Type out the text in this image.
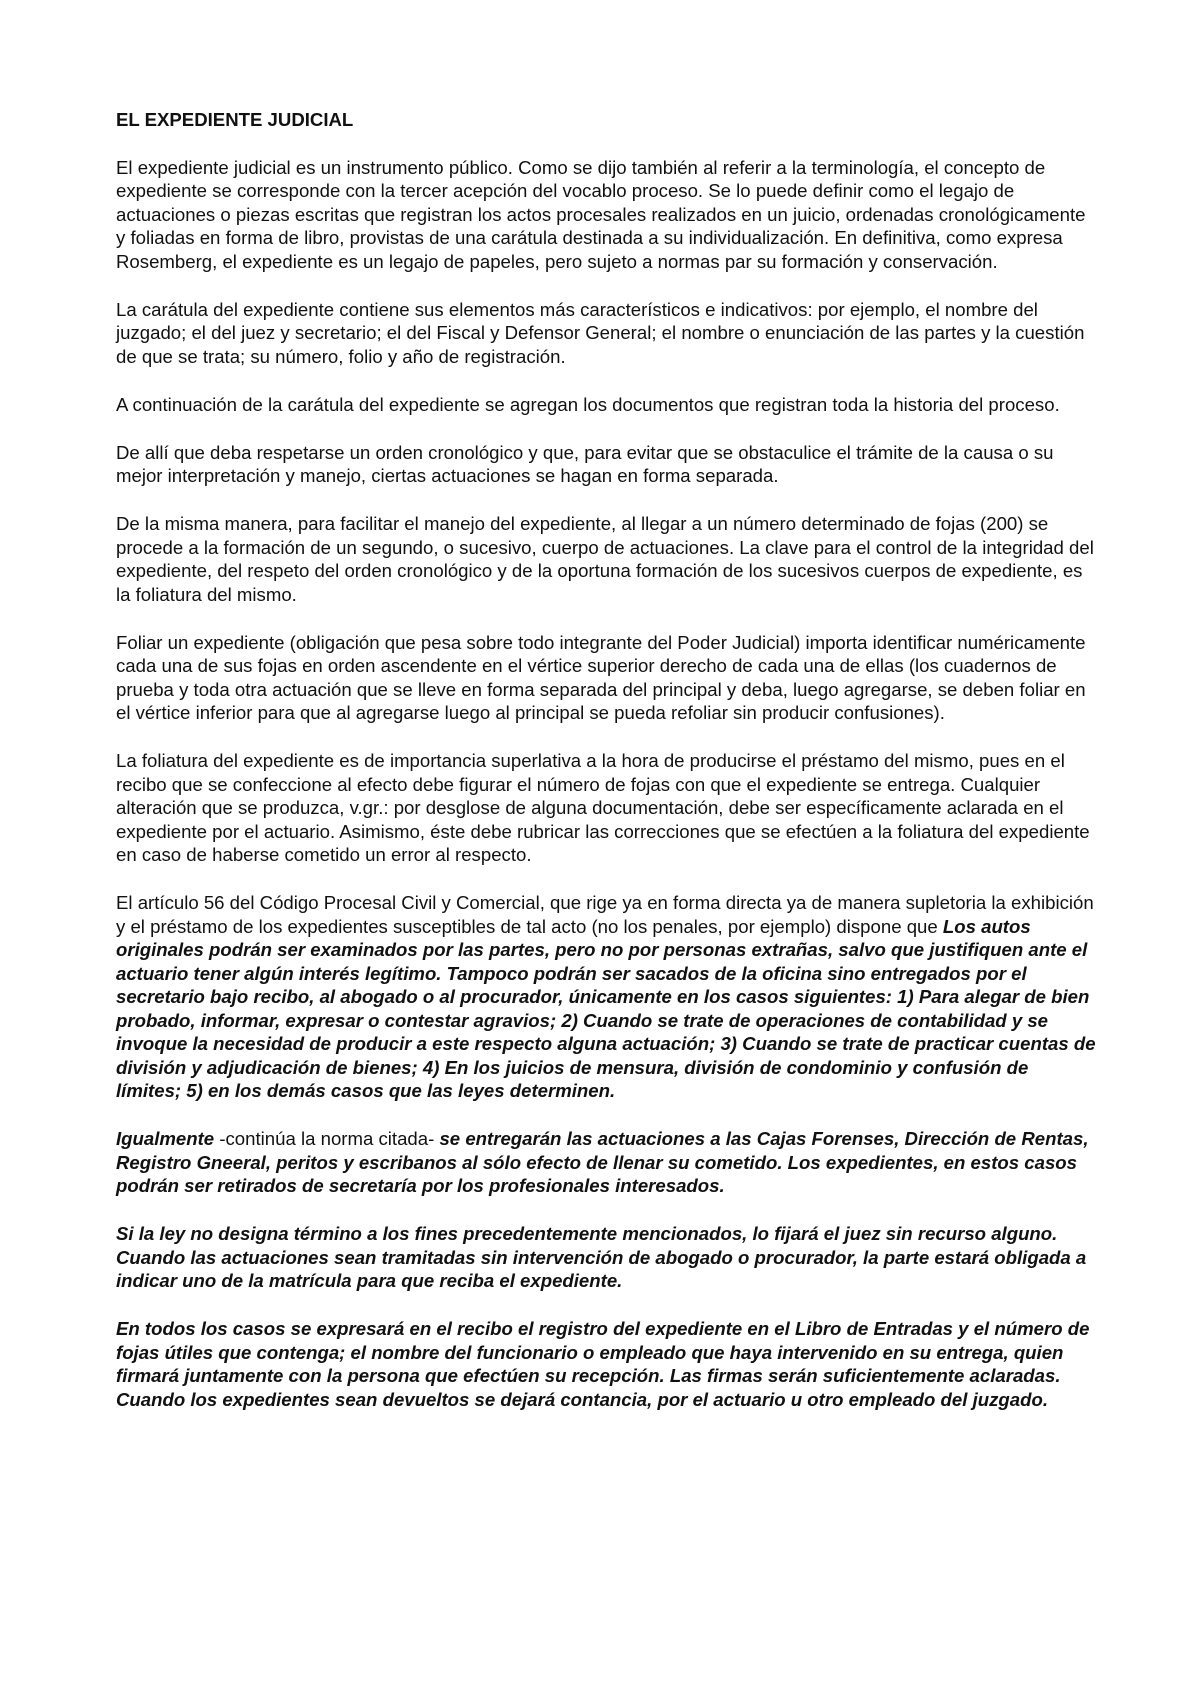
EL EXPEDIENTE JUDICIAL

El expediente judicial es un instrumento público. Como se dijo también al referir a la terminología, el concepto de expediente se corresponde con la tercer acepción del vocablo proceso. Se lo puede definir como el legajo de actuaciones o piezas escritas que registran los actos procesales realizados en un juicio, ordenadas cronológicamente y foliadas en forma de libro, provistas de una carátula destinada a su individualización. En definitiva, como expresa Rosemberg, el expediente es un legajo de papeles, pero sujeto a normas par su formación y conservación.

La carátula del expediente contiene sus elementos más característicos e indicativos: por ejemplo, el nombre del juzgado; el del juez y secretario; el del Fiscal y Defensor General; el nombre o enunciación de las partes y la cuestión de que se trata; su número, folio y año de registración.

A continuación de la carátula del expediente se agregan los documentos que registran toda la historia del proceso.

De allí que deba respetarse un orden cronológico y que, para evitar que se obstaculice el trámite de la causa o su mejor interpretación y manejo, ciertas actuaciones se hagan en forma separada.

De la misma manera, para facilitar el manejo del expediente, al llegar a un número determinado de fojas (200) se procede a la formación de un segundo, o sucesivo, cuerpo de actuaciones. La clave para el control de la integridad del expediente, del respeto del orden cronológico y de la oportuna formación de los sucesivos cuerpos de expediente, es la foliatura del mismo.

Foliar un expediente (obligación que pesa sobre todo integrante del Poder Judicial) importa identificar numéricamente cada una de sus fojas en orden ascendente en el vértice superior derecho de cada una de ellas (los cuadernos de prueba y toda otra actuación que se lleve en forma separada del principal y deba, luego agregarse, se deben foliar en el vértice inferior para que al agregarse luego al principal se pueda refoliar sin producir confusiones).

La foliatura del expediente es de importancia superlativa a la hora de producirse el préstamo del mismo, pues en el recibo que se confeccione al efecto debe figurar el número de fojas con que el expediente se entrega. Cualquier alteración que se produzca, v.gr.: por desglose de alguna documentación, debe ser específicamente aclarada en el expediente por el actuario. Asimismo, éste debe rubricar las correcciones que se efectúen a la foliatura del expediente en caso de haberse cometido un error al respecto.

El artículo 56 del Código Procesal Civil y Comercial, que rige ya en forma directa ya de manera supletoria la exhibición y el préstamo de los expedientes susceptibles de tal acto (no los penales, por ejemplo) dispone que Los autos originales podrán ser examinados por las partes, pero no por personas extrañas, salvo que justifiquen ante el actuario tener algún interés legítimo. Tampoco podrán ser sacados de la oficina sino entregados por el secretario bajo recibo, al abogado o al procurador, únicamente en los casos siguientes: 1) Para alegar de bien probado, informar, expresar o contestar agravios; 2) Cuando se trate de operaciones de contabilidad y se invoque la necesidad de producir a este respecto alguna actuación; 3) Cuando se trate de practicar cuentas de división y adjudicación de bienes; 4) En los juicios de mensura, división de condominio y confusión de límites; 5) en los demás casos que las leyes determinen.

Igualmente -continúa la norma citada- se entregarán las actuaciones a las Cajas Forenses, Dirección de Rentas, Registro Gneeral, peritos y escribanos al sólo efecto de llenar su cometido. Los expedientes, en estos casos podrán ser retirados de secretaría por los profesionales interesados.

Si la ley no designa término a los fines precedentemente mencionados, lo fijará el juez sin recurso alguno. Cuando las actuaciones sean tramitadas sin intervención de abogado o procurador, la parte estará obligada a indicar uno de la matrícula para que reciba el expediente.

En todos los casos se expresará en el recibo el registro del expediente en el Libro de Entradas y el número de fojas útiles que contenga; el nombre del funcionario o empleado que haya intervenido en su entrega, quien firmará juntamente con la persona que efectúen su recepción. Las firmas serán suficientemente aclaradas. Cuando los expedientes sean devueltos se dejará contancia, por el actuario u otro empleado del juzgado.
